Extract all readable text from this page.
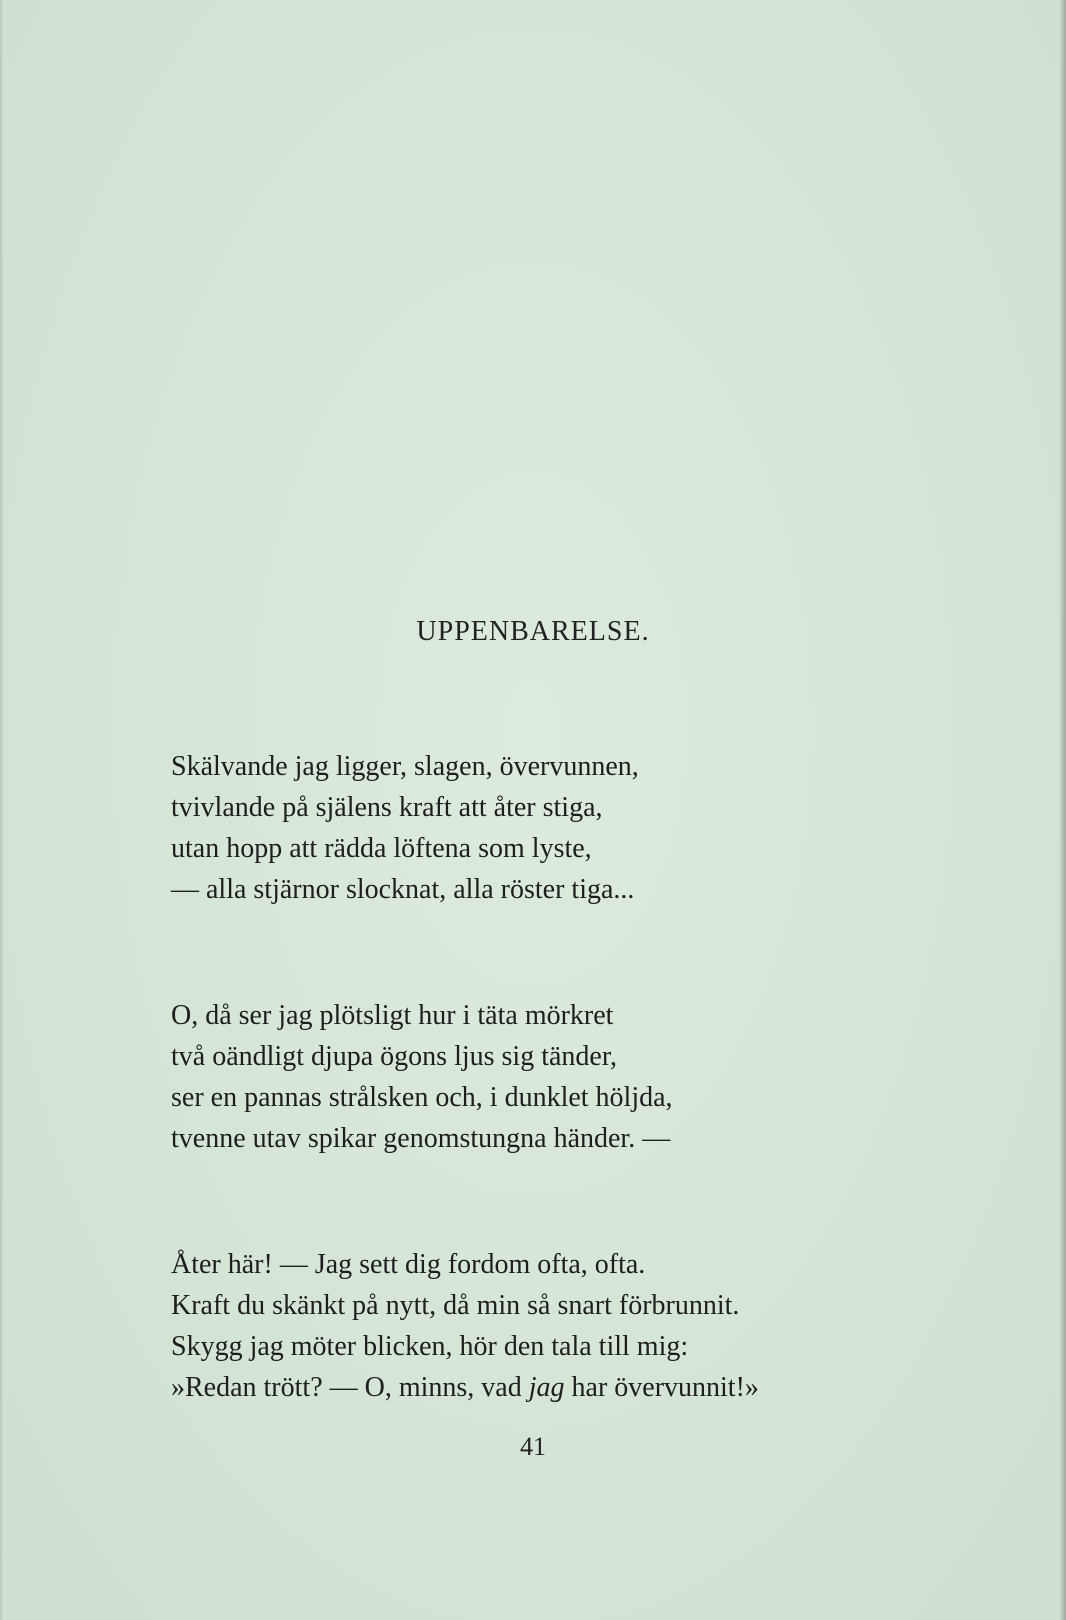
UPPENBARELSE.
Skälvande jag ligger, slagen, övervunnen,
tvivlande på själens kraft att åter stiga,
utan hopp att rädda löftena som lyste,
— alla stjärnor slocknat, alla röster tiga...
O, då ser jag plötsligt hur i täta mörkret
två oändligt djupa ögons ljus sig tänder,
ser en pannas strålsken och, i dunklet höljda,
tvenne utav spikar genomstungna händer. —
Åter här! — Jag sett dig fordom ofta, ofta.
Kraft du skänkt på nytt, då min så snart förbrunnit.
Skygg jag möter blicken, hör den tala till mig:
»Redan trött? — O, minns, vad jag har övervunnit!»
41
